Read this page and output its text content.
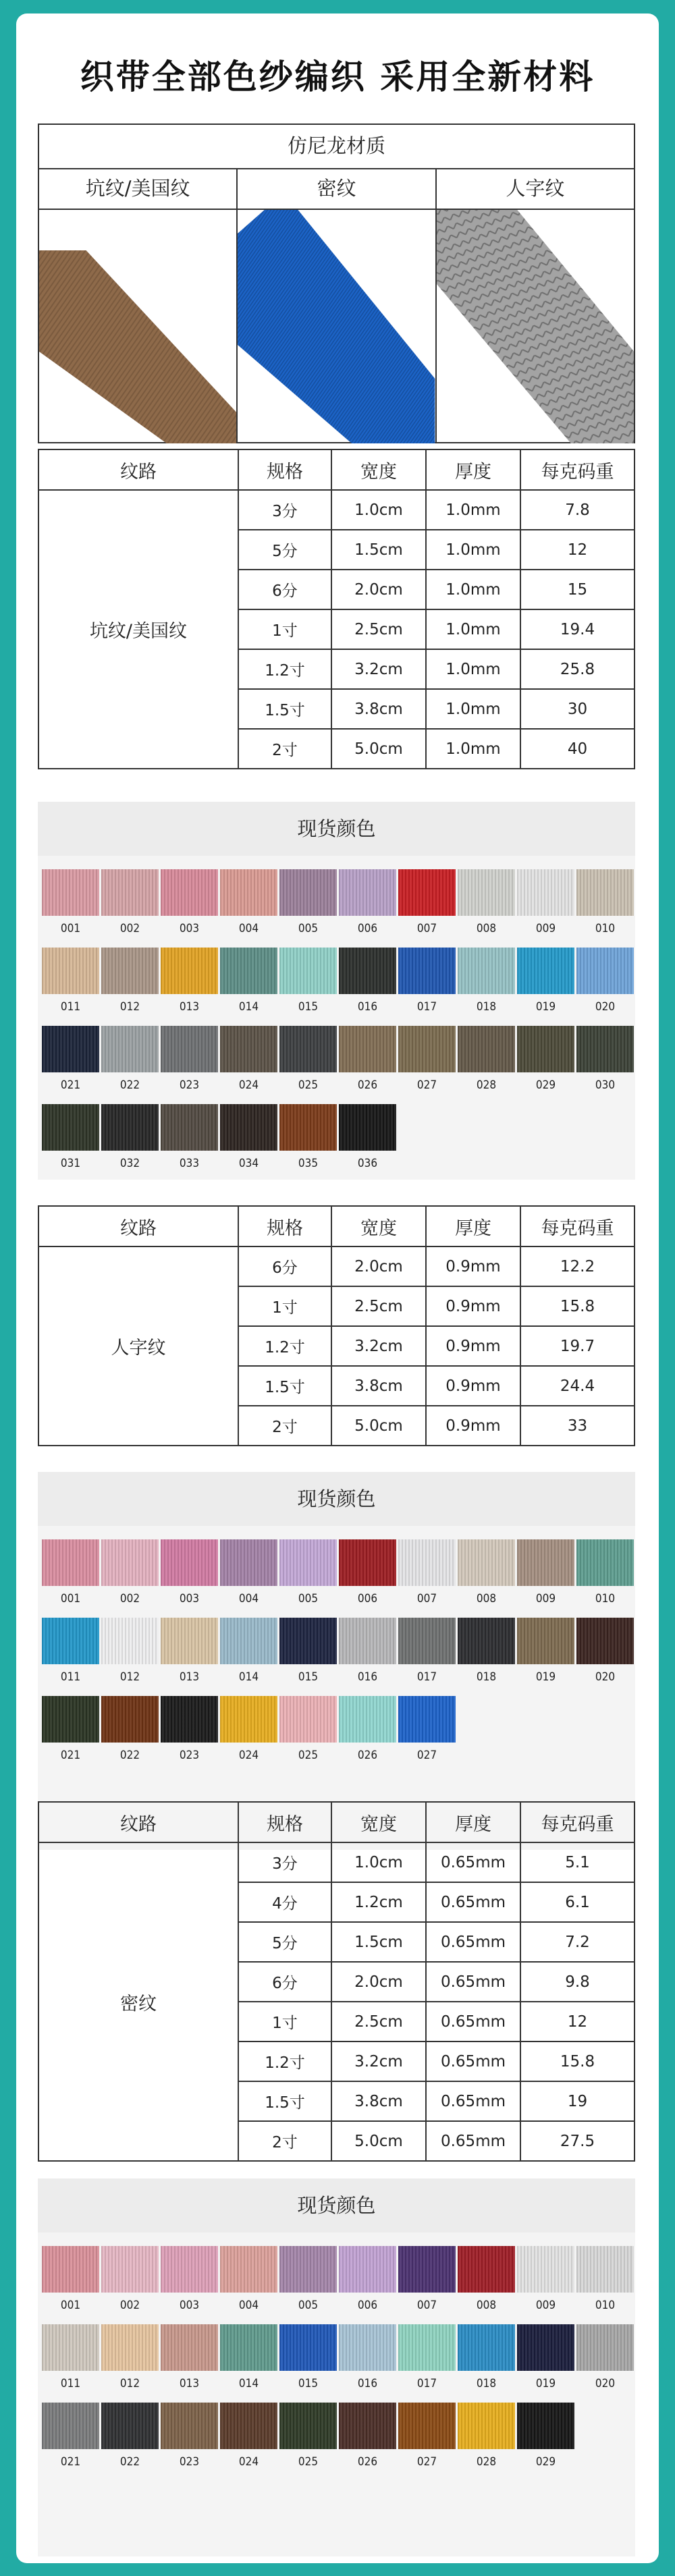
织带全部色纱编织 采用全新材料
仿尼龙材质
坑纹/美国纹	密纹	人字纹
纹路	规格	宽度	厚度	每克码重
坑纹/美国纹	3分	1.0cm	1.0mm	7.8
	5分	1.5cm	1.0mm	12
	6分	2.0cm	1.0mm	15
	1寸	2.5cm	1.0mm	19.4
	1.2寸	3.2cm	1.0mm	25.8
	1.5寸	3.8cm	1.0mm	30
	2寸	5.0cm	1.0mm	40
现货颜色
001	002	003	004	005	006	007	008	009	010
011	012	013	014	015	016	017	018	019	020
021	022	023	024	025	026	027	028	029	030
031	032	033	034	035	036
纹路	规格	宽度	厚度	每克码重
人字纹	6分	2.0cm	0.9mm	12.2
	1寸	2.5cm	0.9mm	15.8
	1.2寸	3.2cm	0.9mm	19.7
	1.5寸	3.8cm	0.9mm	24.4
	2寸	5.0cm	0.9mm	33
现货颜色
001	002	003	004	005	006	007	008	009	010
011	012	013	014	015	016	017	018	019	020
021	022	023	024	025	026	027
纹路	规格	宽度	厚度	每克码重
密纹	3分	1.0cm	0.65mm	5.1
	4分	1.2cm	0.65mm	6.1
	5分	1.5cm	0.65mm	7.2
	6分	2.0cm	0.65mm	9.8
	1寸	2.5cm	0.65mm	12
	1.2寸	3.2cm	0.65mm	15.8
	1.5寸	3.8cm	0.65mm	19
	2寸	5.0cm	0.65mm	27.5
现货颜色
001	002	003	004	005	006	007	008	009	010
011	012	013	014	015	016	017	018	019	020
021	022	023	024	025	026	027	028	029
